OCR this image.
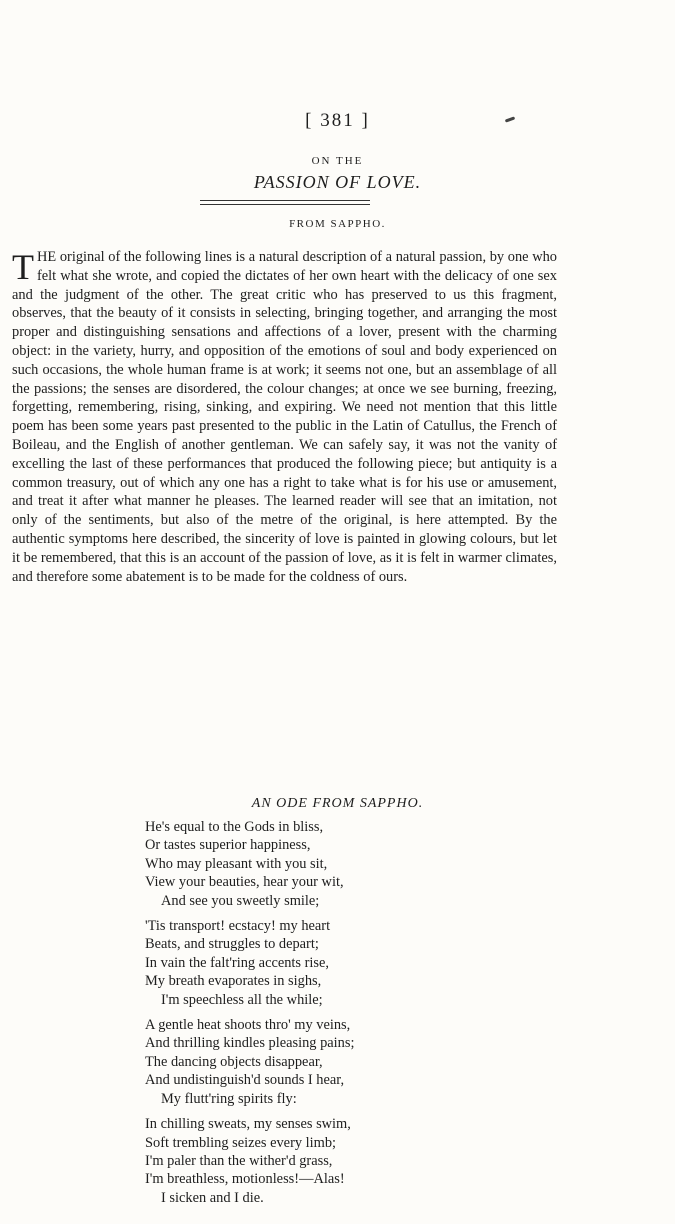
[ 381 ]
ON THE
PASSION OF LOVE.
FROM SAPPHO.
T HE original of the following lines is a natural description of a natural passion, by one who felt what she wrote, and copied the dictates of her own heart with the delicacy of one sex and the judgment of the other. The great critic who has preserved to us this fragment, observes, that the beauty of it consists in selecting, bringing together, and arranging the most proper and distinguishing sensations and affections of a lover, present with the charming object: in the variety, hurry, and opposition of the emotions of soul and body experienced on such occasions, the whole human frame is at work; it seems not one, but an assemblage of all the passions; the senses are disordered, the colour changes; at once we see burning, freezing, forgetting, remembering, rising, sinking, and expiring. We need not mention that this little poem has been some years past presented to the public in the Latin of Catullus, the French of Boileau, and the English of another gentleman. We can safely say, it was not the vanity of excelling the last of these performances that produced the following piece; but antiquity is a common treasury, out of which any one has a right to take what is for his use or amusement, and treat it after what manner he pleases. The learned reader will see that an imitation, not only of the sentiments, but also of the metre of the original, is here attempted. By the authentic symptoms here described, the sincerity of love is painted in glowing colours, but let it be remembered, that this is an account of the passion of love, as it is felt in warmer climates, and therefore some abatement is to be made for the coldness of ours.
AN ODE FROM SAPPHO.
He's equal to the Gods in bliss,
Or tastes superior happiness,
Who may pleasant with you sit,
View your beauties, hear your wit,
And see you sweetly smile;
'Tis transport! ecstacy! my heart
Beats, and struggles to depart;
In vain the falt'ring accents rise,
My breath evaporates in sighs,
I'm speechless all the while;
A gentle heat shoots thro' my veins,
And thrilling kindles pleasing pains;
The dancing objects disappear,
And undistinguish'd sounds I hear,
My flutt'ring spirits fly:
In chilling sweats, my senses swim,
Soft trembling seizes every limb;
I'm paler than the wither'd grass,
I'm breathless, motionless!—Alas!
I sicken and I die.
